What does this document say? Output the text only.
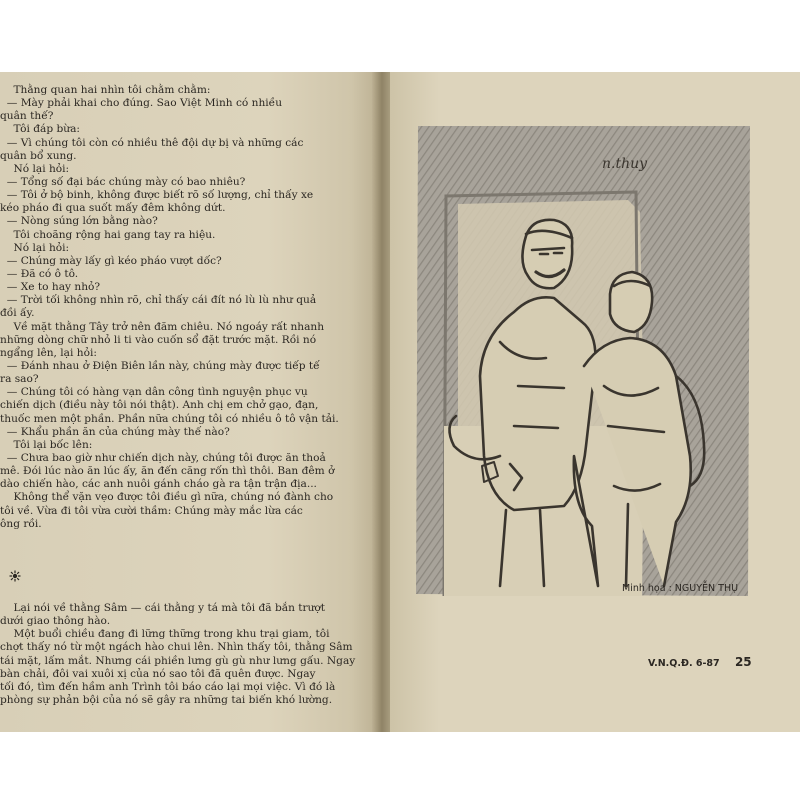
Thằng quan hai nhìn tôi chằm chằm:
— Mày phải khai cho đúng. Sao Việt Minh có nhiều
quân thế?
Tôi đáp bừa:
— Vì chúng tôi còn có nhiều thê đội dự bị và những các
quân bổ xung.
Nó lại hỏi:
— Tổng số đại bác chúng mày có bao nhiêu?
— Tôi ở bộ binh, không được biết rõ số lượng, chỉ thấy xe
kéo pháo đi qua suốt mấy đêm không dứt.
— Nòng súng lớn bằng nào?
Tôi choãng rộng hai gang tay ra hiệu.
Nó lại hỏi:
— Chúng mày lấy gì kéo pháo vượt dốc?
— Đã có ô tô.
— Xe to hay nhỏ?
— Trời tối không nhìn rõ, chỉ thấy cái đít nó lù lù như quả
đồi ấy.
Về mặt thằng Tây trở nên đăm chiêu. Nó ngoáy rất nhanh
những dòng chữ nhỏ li ti vào cuốn sổ đặt trước mặt. Rồi nó
ngẩng lên, lại hỏi:
— Đánh nhau ở Điện Biên lần này, chúng mày được tiếp tế
ra sao?
— Chúng tôi có hàng vạn dân công tình nguyện phục vụ
chiến dịch (điều này tôi nói thật). Anh chị em chở gạo, đạn,
thuốc men một phần. Phần nữa chúng tôi có nhiều ô tô vận tải.
— Khẩu phần ăn của chúng mày thế nào?
Tôi lại bốc lên:
— Chưa bao giờ như chiến dịch này, chúng tôi được ăn thoả
mê. Đói lúc nào ăn lúc ấy, ăn đến căng rốn thì thôi. Ban đêm ở
dào chiến hào, các anh nuôi gánh cháo gà ra tận trận địa...
Không thể vặn vẹo được tôi điều gì nữa, chúng nó đành cho
tôi về. Vừa đi tôi vừa cười thầm: Chúng mày mắc lừa các
ông rồi.
Lại nói về thằng Sâm — cái thằng y tá mà tôi đã bắn trượt
dưới giao thông hào.
Một buổi chiều đang đi lững thững trong khu trại giam, tôi
chợt thấy nó từ một ngách hào chui lên. Nhìn thấy tôi, thằng Sâm
tái mặt, lấm mắt. Nhưng cái phiền lưng gù gù như lưng gấu. Ngay
bàn chải, đôi vai xuôi xị của nó sao tôi đã quên được. Ngay
tối đó, tìm đến hầm anh Trình tôi báo cáo lại mọi việc. Vì đó là
phòng sự phản bội của nó sẽ gây ra những tai biến khó lường.
n.thuy
Minh họa : NGUYỄN THỤ
V.N.Q.Đ. 6-87 25
